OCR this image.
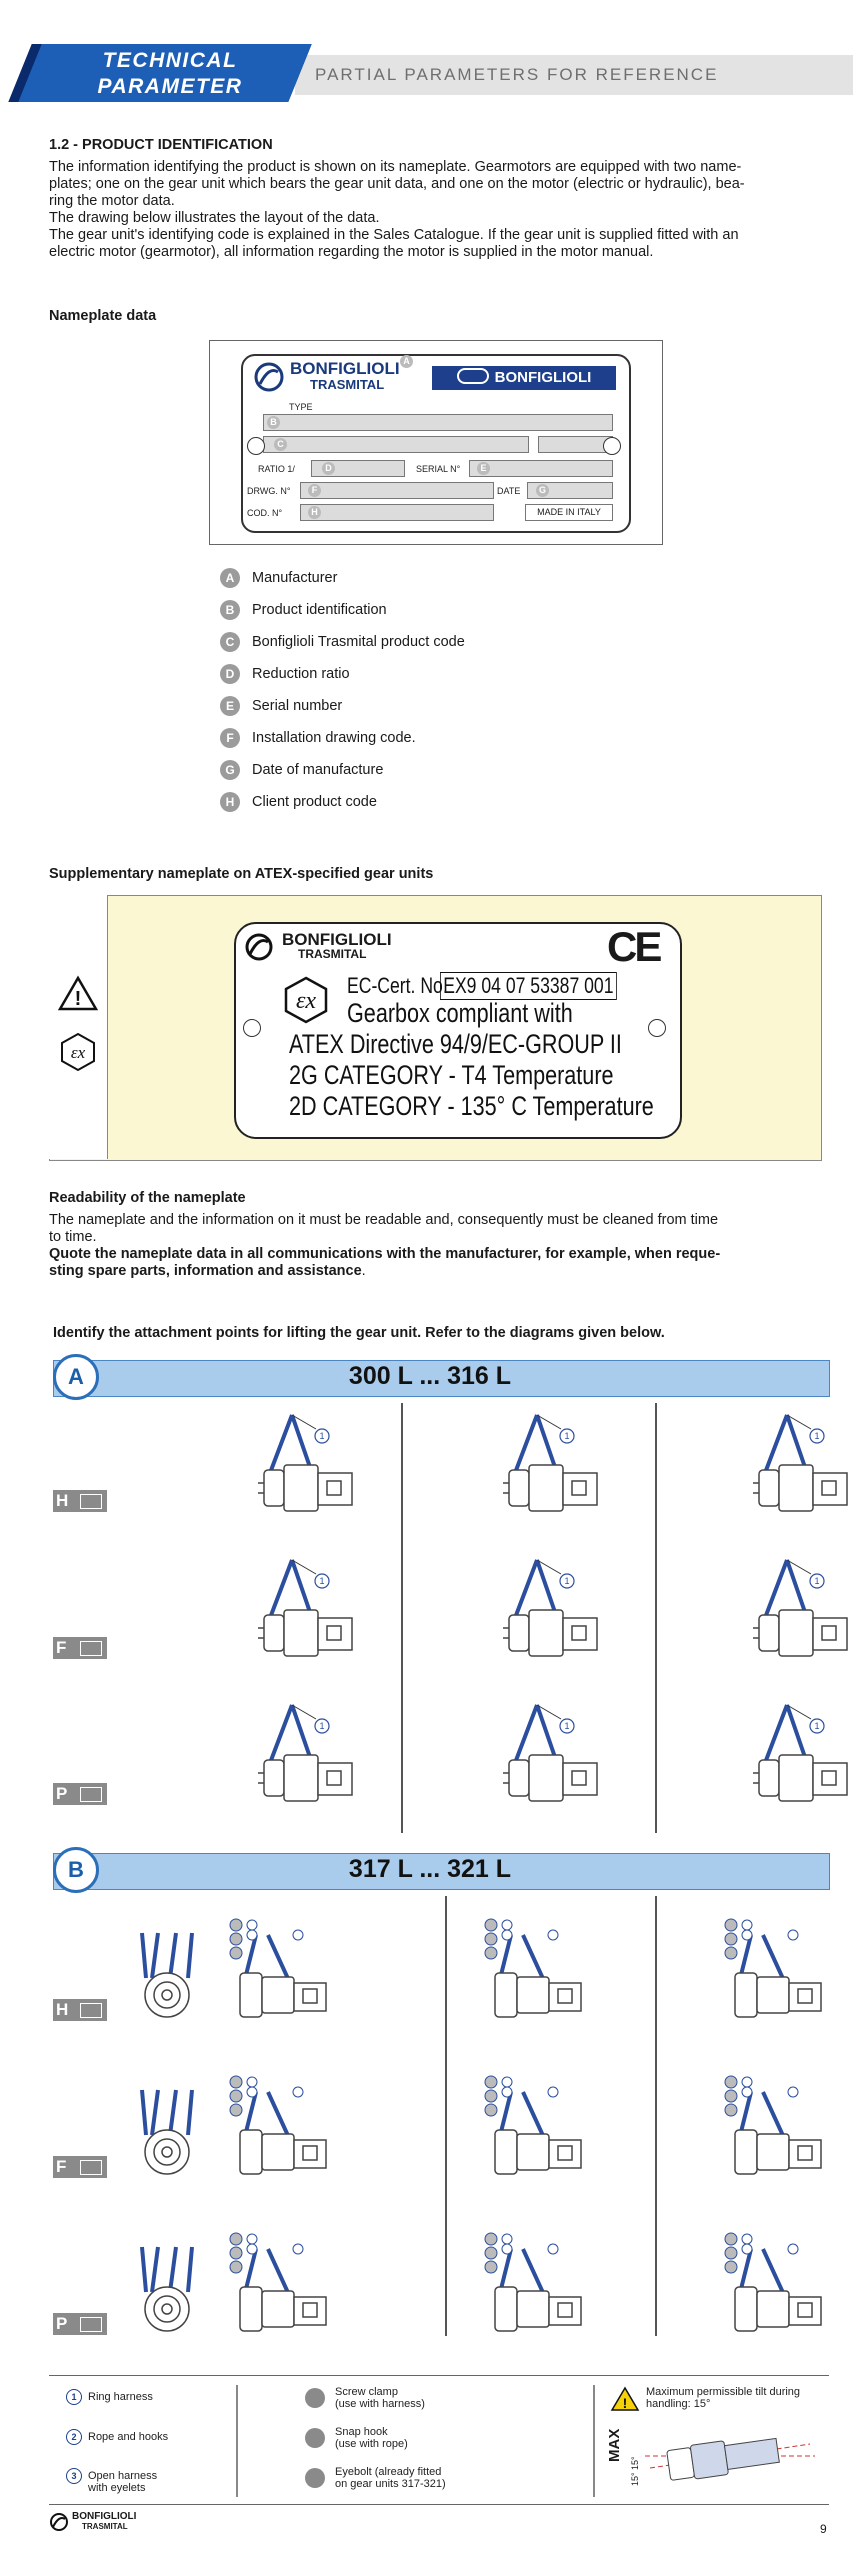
TECHNICAL
PARAMETER
PARTIAL PARAMETERS FOR REFERENCE
1.2 - PRODUCT IDENTIFICATION
The information identifying the product is shown on its nameplate. Gearmotors are equipped with two name-
plates; one on the gear unit which bears the gear unit data, and one on the motor (electric or hydraulic), bea-
ring the motor data.
The drawing below illustrates the layout of the data.
The gear unit's identifying code is explained in the Sales Catalogue. If the gear unit is supplied fitted with an
electric motor (gearmotor), all information regarding the motor is supplied in the motor manual.
Nameplate data
BONFIGLIOLI
TRASMITAL
A
BONFIGLIOLI
TYPE
B
C
RATIO 1/	D	SERIAL N°	E
DRWG. N°	F	DATE	G
COD. N°	H	MADE IN ITALY
A	Manufacturer
B	Product identification
C	Bonfiglioli Trasmital product code
D	Reduction ratio
E	Serial number
F	Installation drawing code.
G	Date of manufacture
H	Client product code
Supplementary nameplate on ATEX-specified gear units
!
εx
BONFIGLIOLI
TRASMITAL	CE
εx
EC-Cert. No.
EX9 04 07 53387 001
Gearbox compliant with
ATEX Directive 94/9/EC-GROUP II
2G CATEGORY - T4 Temperature
2D CATEGORY - 135° C Temperature
Readability of the nameplate
The nameplate and the information on it must be readable and, consequently must be cleaned from time
to time.
Quote the nameplate data in all communications with the manufacturer, for example, when reque-
sting spare parts, information and assistance.
Identify the attachment points for lifting the gear unit. Refer to the diagrams given below.
A	300 L ... 316 L
B	317 L ... 321 L
H
F
P
H
F
P
1	1	1
1	1	1
1	1	1
1	Ring harness
2	Rope and hooks
3	Open harness
with eyelets
Screw clamp
(use with harness)
Snap hook
(use with rope)
Eyebolt (already fitted
on gear units 317-321)
!
Maximum permissible tilt during
handling: 15°
MAX
15°
15°
BONFIGLIOLI
TRASMITAL	9
